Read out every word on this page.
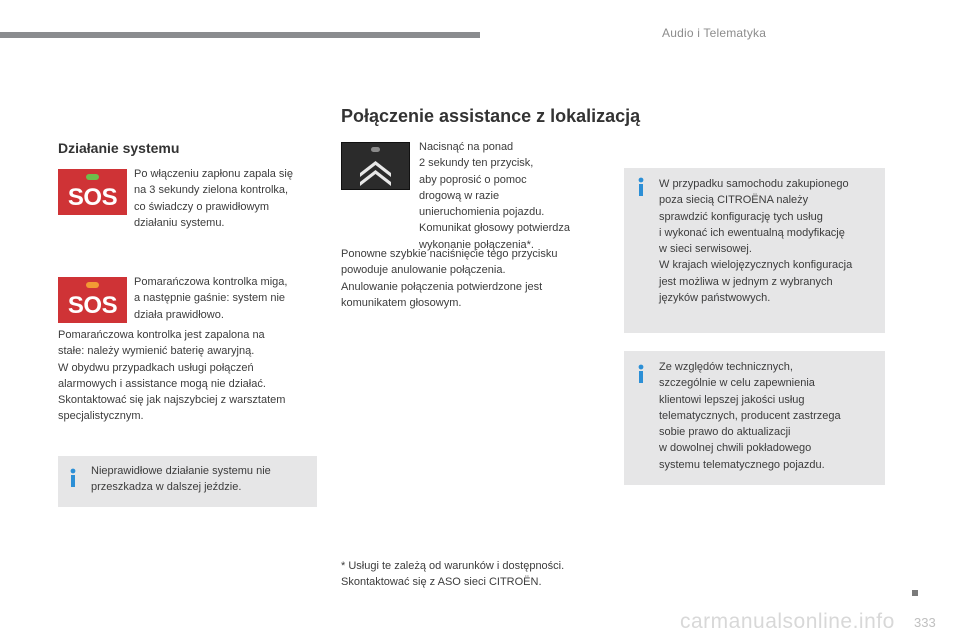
Audio i Telematyka
Połączenie assistance z lokalizacją
Działanie systemu
SOS

Po włączeniu zapłonu zapala się
na 3 sekundy zielona kontrolka,
co świadczy o prawidłowym
działaniu systemu.

SOS

Pomarańczowa kontrolka miga,
a następnie gaśnie: system nie
działa prawidłowo.

Pomarańczowa kontrolka jest zapalona na
stałe: należy wymienić baterię awaryjną.
W obydwu przypadkach usługi połączeń
alarmowych i assistance mogą nie działać.
Skontaktować się jak najszybciej z warsztatem
specjalistycznym.

Nieprawidłowe działanie systemu nie
przeszkadza w dalszej jeździe.

Nacisnąć na ponad
2 sekundy ten przycisk,
aby poprosić o pomoc
drogową w razie
unieruchomienia pojazdu.
Komunikat głosowy potwierdza
wykonanie połączenia*.

Ponowne szybkie naciśnięcie tego przycisku
powoduje anulowanie połączenia.
Anulowanie połączenia potwierdzone jest
komunikatem głosowym.

* Usługi te zależą od warunków i dostępności.
Skontaktować się z ASO sieci CITROËN.

W przypadku samochodu zakupionego
poza siecią CITROËNA należy
sprawdzić konfigurację tych usług
i wykonać ich ewentualną modyfikację
w sieci serwisowej.
W krajach wielojęzycznych konfiguracja
jest możliwa w jednym z wybranych
języków państwowych.

Ze względów technicznych,
szczególnie w celu zapewnienia
klientowi lepszej jakości usług
telematycznych, producent zastrzega
sobie prawo do aktualizacji
w dowolnej chwili pokładowego
systemu telematycznego pojazdu.

carmanualsonline.info 333
